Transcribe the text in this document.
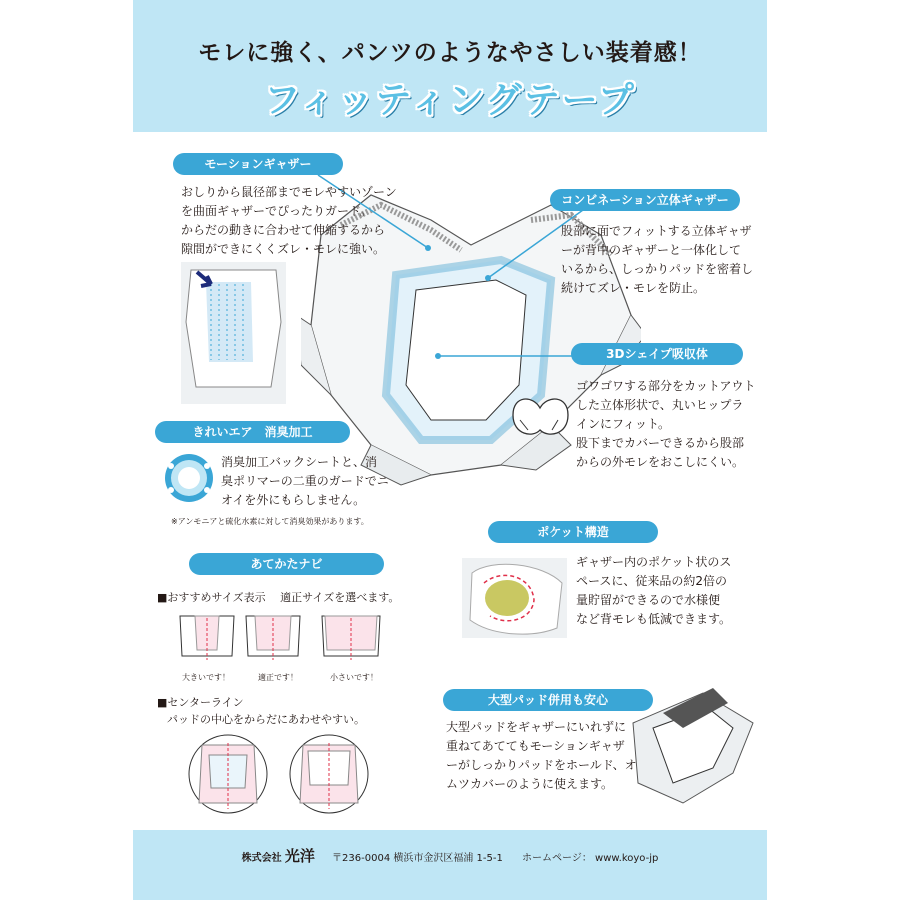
モレに強く、パンツのようなやさしい装着感！
フィッティングテープ
モーションギャザー
おしりから鼠径部までモレやすいゾーン
を曲面ギャザーでぴったりガード。
からだの動きに合わせて伸縮するから
隙間ができにくくズレ・モレに強い。
コンビネーション立体ギャザー
股部に面でフィットする立体ギャザ
ーが背中のギャザーと一体化して
いるから、しっかりパッドを密着し
続けてズレ・モレを防止。
3Dシェイプ吸収体
ゴワゴワする部分をカットアウト
した立体形状で、丸いヒップラ
インにフィット。
股下までカバーできるから股部
からの外モレをおこしにくい。
きれいエア　消臭加工
消臭加工バックシートと、消
臭ポリマーの二重のガードでニ
オイを外にもらしません。
※アンモニアと硫化水素に対して消臭効果があります。
ポケット構造
ギャザー内のポケット状のス
ペースに、従来品の約2倍の
量貯留ができるので水様便
など背モレも低減できます。
あてかたナビ
■おすすめサイズ表示　 適正サイズを選べます。
大きいです！	適正です！	小さいです！
■センターライン
パッドの中心をからだにあわせやすい。
大型パッド併用も安心
大型パッドをギャザーにいれずに
重ねてあててもモーションギャザ
ーがしっかりパッドをホールド、オ
ムツカバーのように使えます。
株式会社 光洋 〒236-0004 横浜市金沢区福浦 1-5-1 ホームページ： www.koyo-jp
